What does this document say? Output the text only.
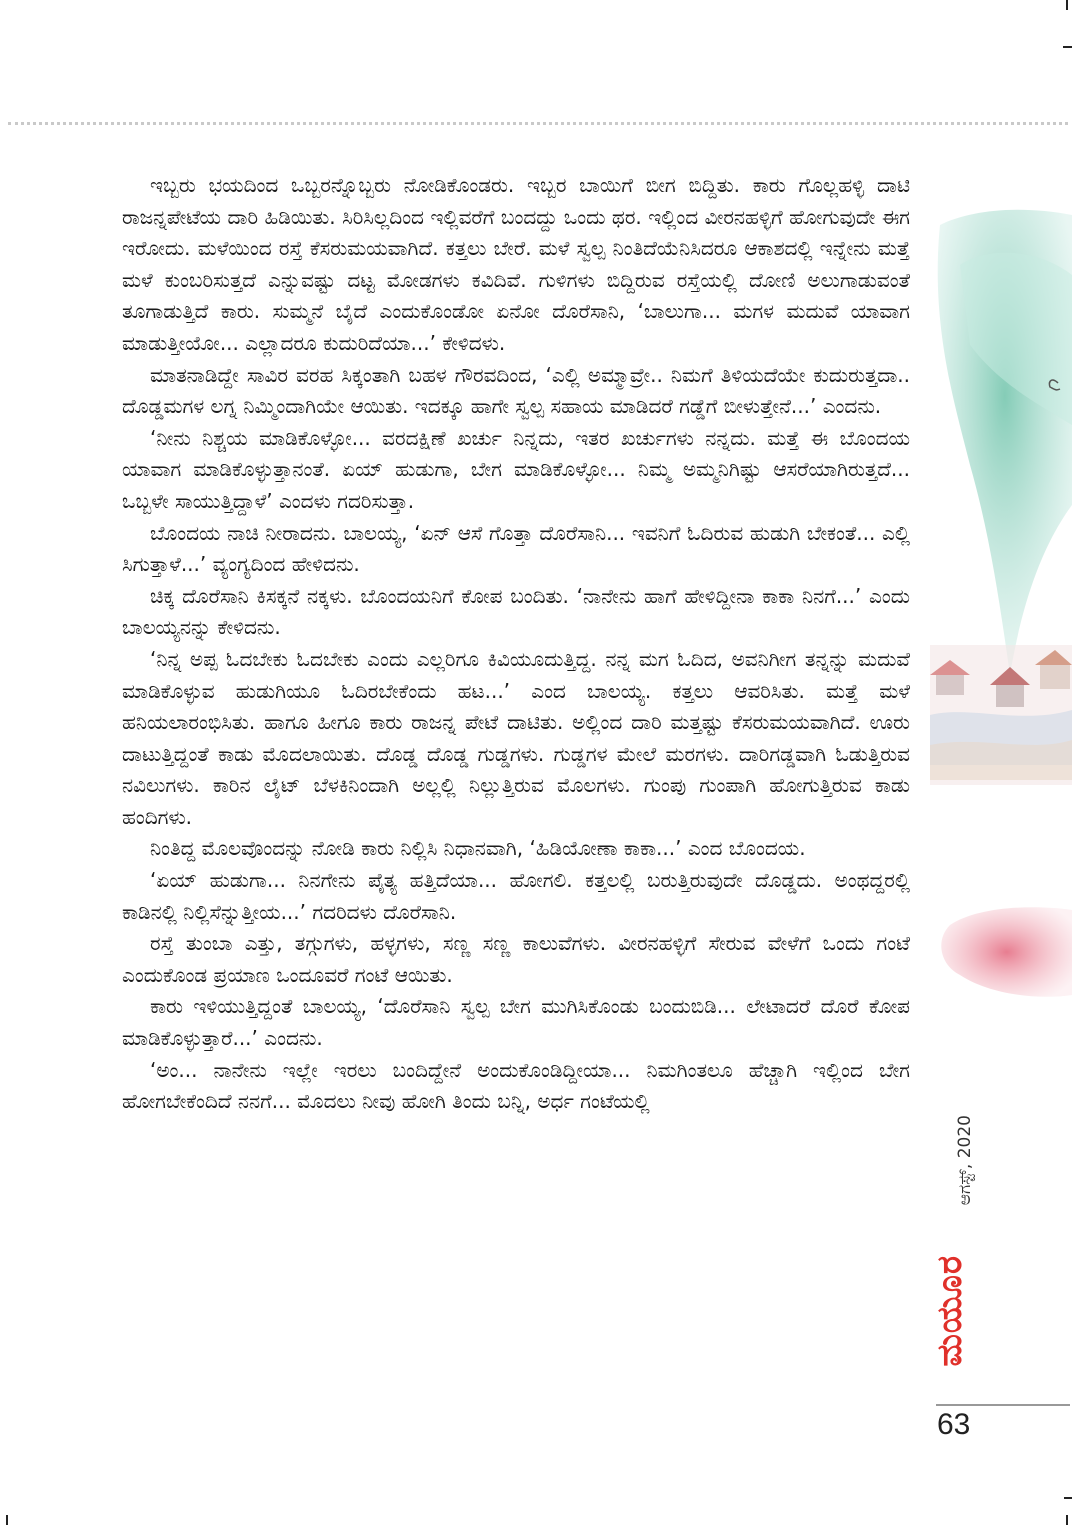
ಇಬ್ಬರು ಭಯದಿಂದ ಒಬ್ಬರನ್ನೊಬ್ಬರು ನೋಡಿಕೊಂಡರು. ಇಬ್ಬರ ಬಾಯಿಗೆ ಬೀಗ ಬಿದ್ದಿತು. ಕಾರು ಗೊಲ್ಲಹಳ್ಳಿ ದಾಟಿ ರಾಜನ್ನಪೇಟೆಯ ದಾರಿ ಹಿಡಿಯಿತು. ಸಿರಿಸಿಲ್ಲದಿಂದ ಇಲ್ಲಿವರೆಗೆ ಬಂದದ್ದು ಒಂದು ಥರ. ಇಲ್ಲಿಂದ ವೀರನಹಳ್ಳಿಗೆ ಹೋಗುವುದೇ ಈಗ ಇರೋದು. ಮಳೆಯಿಂದ ರಸ್ತೆ ಕೆಸರುಮಯವಾಗಿದೆ. ಕತ್ತಲು ಬೇರೆ. ಮಳೆ ಸ್ವಲ್ಪ ನಿಂತಿದೆಯೆನಿಸಿದರೂ ಆಕಾಶದಲ್ಲಿ ಇನ್ನೇನು ಮತ್ತೆ ಮಳೆ ಕುಂಬರಿಸುತ್ತದೆ ಎನ್ನುವಷ್ಟು ದಟ್ಟ ಮೋಡಗಳು ಕವಿದಿವೆ. ಗುಳಿಗಳು ಬಿದ್ದಿರುವ ರಸ್ತೆಯಲ್ಲಿ ದೋಣಿ ಅಲುಗಾಡುವಂತೆ ತೂಗಾಡುತ್ತಿದೆ ಕಾರು. ಸುಮ್ಮನೆ ಬೈದೆ ಎಂದುಕೊಂಡೋ ಏನೋ ದೊರೆಸಾನಿ, ‘ಬಾಲುಗಾ... ಮಗಳ ಮದುವೆ ಯಾವಾಗ ಮಾಡುತ್ತೀಯೋ... ಎಲ್ಲಾದರೂ ಕುದುರಿದೆಯಾ...’ ಕೇಳಿದಳು.

ಮಾತನಾಡಿದ್ದೇ ಸಾವಿರ ವರಹ ಸಿಕ್ಕಂತಾಗಿ ಬಹಳ ಗೌರವದಿಂದ, ‘ಎಲ್ಲಿ ಅಮ್ಮಾವ್ರೇ.. ನಿಮಗೆ ತಿಳಿಯದೆಯೇ ಕುದುರುತ್ತದಾ.. ದೊಡ್ಡಮಗಳ ಲಗ್ನ ನಿಮ್ಮಿಂದಾಗಿಯೇ ಆಯಿತು. ಇದಕ್ಕೂ ಹಾಗೇ ಸ್ವಲ್ಪ ಸಹಾಯ ಮಾಡಿದರೆ ಗಡ್ಡೆಗೆ ಬೀಳುತ್ತೇನೆ...’ ಎಂದನು.

‘ನೀನು ನಿಶ್ಚಯ ಮಾಡಿಕೊಳ್ಳೋ... ವರದಕ್ಷಿಣೆ ಖರ್ಚು ನಿನ್ನದು, ಇತರ ಖರ್ಚುಗಳು ನನ್ನದು. ಮತ್ತೆ ಈ ಬೊಂದಯ ಯಾವಾಗ ಮಾಡಿಕೊಳ್ಳುತ್ತಾನಂತೆ. ಏಯ್ ಹುಡುಗಾ, ಬೇಗ ಮಾಡಿಕೊಳ್ಳೋ... ನಿಮ್ಮ ಅಮ್ಮನಿಗಿಷ್ಟು ಆಸರೆಯಾಗಿರುತ್ತದೆ... ಒಬ್ಬಳೇ ಸಾಯುತ್ತಿದ್ದಾಳೆ’ ಎಂದಳು ಗದರಿಸುತ್ತಾ.

ಬೊಂದಯ ನಾಚಿ ನೀರಾದನು. ಬಾಲಯ್ಯ, ‘ಏನ್ ಆಸೆ ಗೊತ್ತಾ ದೊರೆಸಾನಿ... ಇವನಿಗೆ ಓದಿರುವ ಹುಡುಗಿ ಬೇಕಂತೆ... ಎಲ್ಲಿ ಸಿಗುತ್ತಾಳೆ...’ ವ್ಯಂಗ್ಯದಿಂದ ಹೇಳಿದನು.

ಚಿಕ್ಕ ದೊರೆಸಾನಿ ಕಿಸಕ್ಕನೆ ನಕ್ಕಳು. ಬೊಂದಯನಿಗೆ ಕೋಪ ಬಂದಿತು. ‘ನಾನೇನು ಹಾಗೆ ಹೇಳಿದ್ದೀನಾ ಕಾಕಾ ನಿನಗೆ...’ ಎಂದು ಬಾಲಯ್ಯನನ್ನು ಕೇಳಿದನು.

‘ನಿನ್ನ ಅಪ್ಪ ಓದಬೇಕು ಓದಬೇಕು ಎಂದು ಎಲ್ಲರಿಗೂ ಕಿವಿಯೂದುತ್ತಿದ್ದ. ನನ್ನ ಮಗ ಓದಿದ, ಅವನಿಗೀಗ ತನ್ನನ್ನು ಮದುವೆ ಮಾಡಿಕೊಳ್ಳುವ ಹುಡುಗಿಯೂ ಓದಿರಬೇಕೆಂದು ಹಟ...’ ಎಂದ ಬಾಲಯ್ಯ. ಕತ್ತಲು ಆವರಿಸಿತು. ಮತ್ತೆ ಮಳೆ ಹನಿಯಲಾರಂಭಿಸಿತು. ಹಾಗೂ ಹೀಗೂ ಕಾರು ರಾಜನ್ನ ಪೇಟೆ ದಾಟಿತು. ಅಲ್ಲಿಂದ ದಾರಿ ಮತ್ತಷ್ಟು ಕೆಸರುಮಯವಾಗಿದೆ. ಊರು ದಾಟುತ್ತಿದ್ದಂತೆ ಕಾಡು ಮೊದಲಾಯಿತು. ದೊಡ್ಡ ದೊಡ್ಡ ಗುಡ್ಡಗಳು. ಗುಡ್ಡಗಳ ಮೇಲೆ ಮರಗಳು. ದಾರಿಗಡ್ಡವಾಗಿ ಓಡುತ್ತಿರುವ ನವಿಲುಗಳು. ಕಾರಿನ ಲೈಟ್ ಬೆಳಕಿನಿಂದಾಗಿ ಅಲ್ಲಲ್ಲಿ ನಿಲ್ಲುತ್ತಿರುವ ಮೊಲಗಳು. ಗುಂಪು ಗುಂಪಾಗಿ ಹೋಗುತ್ತಿರುವ ಕಾಡು ಹಂದಿಗಳು.

ನಿಂತಿದ್ದ ಮೊಲವೊಂದನ್ನು ನೋಡಿ ಕಾರು ನಿಲ್ಲಿಸಿ ನಿಧಾನವಾಗಿ, ‘ಹಿಡಿಯೋಣಾ ಕಾಕಾ...’ ಎಂದ ಬೊಂದಯ.

‘ಏಯ್ ಹುಡುಗಾ... ನಿನಗೇನು ಪೈತ್ಯ ಹತ್ತಿದೆಯಾ... ಹೋಗಲಿ. ಕತ್ತಲಲ್ಲಿ ಬರುತ್ತಿರುವುದೇ ದೊಡ್ಡದು. ಅಂಥದ್ದರಲ್ಲಿ ಕಾಡಿನಲ್ಲಿ ನಿಲ್ಲಿಸೆನ್ನುತ್ತೀಯ...’ ಗದರಿದಳು ದೊರೆಸಾನಿ.

ರಸ್ತೆ ತುಂಬಾ ಎತ್ತು, ತಗ್ಗುಗಳು, ಹಳ್ಳಗಳು, ಸಣ್ಣ ಸಣ್ಣ ಕಾಲುವೆಗಳು. ವೀರನಹಳ್ಳಿಗೆ ಸೇರುವ ವೇಳೆಗೆ ಒಂದು ಗಂಟೆ ಎಂದುಕೊಂಡ ಪ್ರಯಾಣ ಒಂದೂವರೆ ಗಂಟೆ ಆಯಿತು.

ಕಾರು ಇಳಿಯುತ್ತಿದ್ದಂತೆ ಬಾಲಯ್ಯ, ‘ದೊರೆಸಾನಿ ಸ್ವಲ್ಪ ಬೇಗ ಮುಗಿಸಿಕೊಂಡು ಬಂದುಬಿಡಿ... ಲೇಟಾದರೆ ದೊರೆ ಕೋಪ ಮಾಡಿಕೊಳ್ಳುತ್ತಾರೆ...’ ಎಂದನು.

‘ಅಂ... ನಾನೇನು ಇಲ್ಲೇ ಇರಲು ಬಂದಿದ್ದೇನೆ ಅಂದುಕೊಂಡಿದ್ದೀಯಾ... ನಿಮಗಿಂತಲೂ ಹೆಚ್ಚಾಗಿ ಇಲ್ಲಿಂದ ಬೇಗ ಹೋಗಬೇಕೆಂದಿದೆ ನನಗೆ... ಮೊದಲು ನೀವು ಹೋಗಿ ತಿಂದು ಬನ್ನಿ, ಅರ್ಧ ಗಂಟೆಯಲ್ಲಿ

ಆಗಸ್ಟ್, 2020
ಮಯೂರ
63
